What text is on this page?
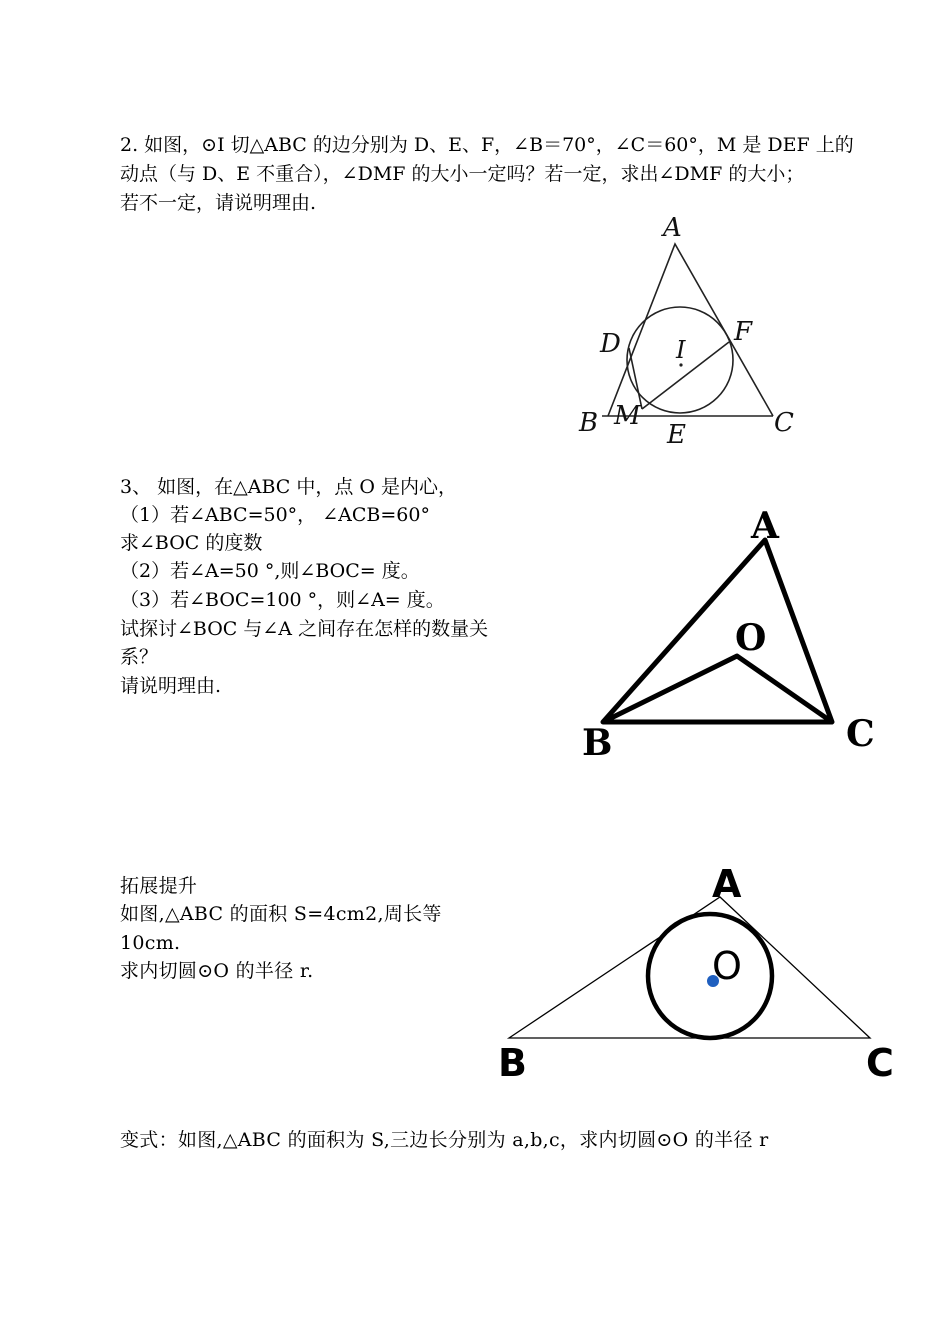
2. 如图，⊙I 切△ABC 的边分别为 D、E、F，∠B＝70°，∠C＝60°，M 是 DEF 上的
动点（与 D、E 不重合），∠DMF 的大小一定吗？若一定，求出∠DMF 的大小；
若不一定，请说明理由.
3、 如图，在△ABC 中，点 O 是内心，
（1）若∠ABC=50°， ∠ACB=60°
求∠BOC 的度数
（2）若∠A=50 °,则∠BOC= 度。
（3）若∠BOC=100 °，则∠A= 度。
试探讨∠BOC 与∠A 之间存在怎样的数量关
系？
请说明理由.
拓展提升
如图,△ABC 的面积 S=4cm2,周长等
10cm.
求内切圆⊙O 的半径 r.
变式：如图,△ABC 的面积为 S,三边长分别为 a,b,c，求内切圆⊙O 的半径 r
A
D	F
I
B M
E	C
A
O
B	C
A
O
B	C
